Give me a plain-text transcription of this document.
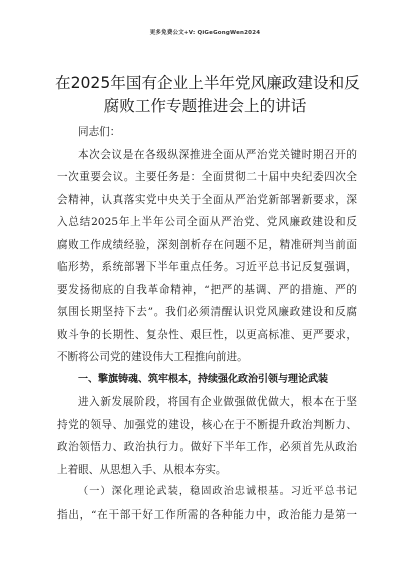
更多免费公文+V: QiGeGongWen2024
在2025年国有企业上半年党风廉政建设和反
腐败工作专题推进会上的讲话
同志们：
本次会议是在各级纵深推进全面从严治党关键时期召开的
一次重要会议。主要任务是：全面贯彻二十届中央纪委四次全
会精神，认真落实党中央关于全面从严治党新部署新要求，深
入总结2025年上半年公司全面从严治党、党风廉政建设和反
腐败工作成绩经验，深刻剖析存在问题不足，精准研判当前面
临形势，系统部署下半年重点任务。习近平总书记反复强调，
要发扬彻底的自我革命精神，“把严的基调、严的措施、严的
氛围长期坚持下去”。我们必须清醒认识党风廉政建设和反腐
败斗争的长期性、复杂性、艰巨性，以更高标准、更严要求，
不断将公司党的建设伟大工程推向前进。
一、擎旗铸魂、筑牢根本，持续强化政治引领与理论武装
进入新发展阶段，将国有企业做强做优做大，根本在于坚
持党的领导、加强党的建设，核心在于不断提升政治判断力、
政治领悟力、政治执行力。做好下半年工作，必须首先从政治
上着眼、从思想入手、从根本夯实。
（一）深化理论武装，稳固政治忠诚根基。习近平总书记
指出，“在干部干好工作所需的各种能力中，政治能力是第一
